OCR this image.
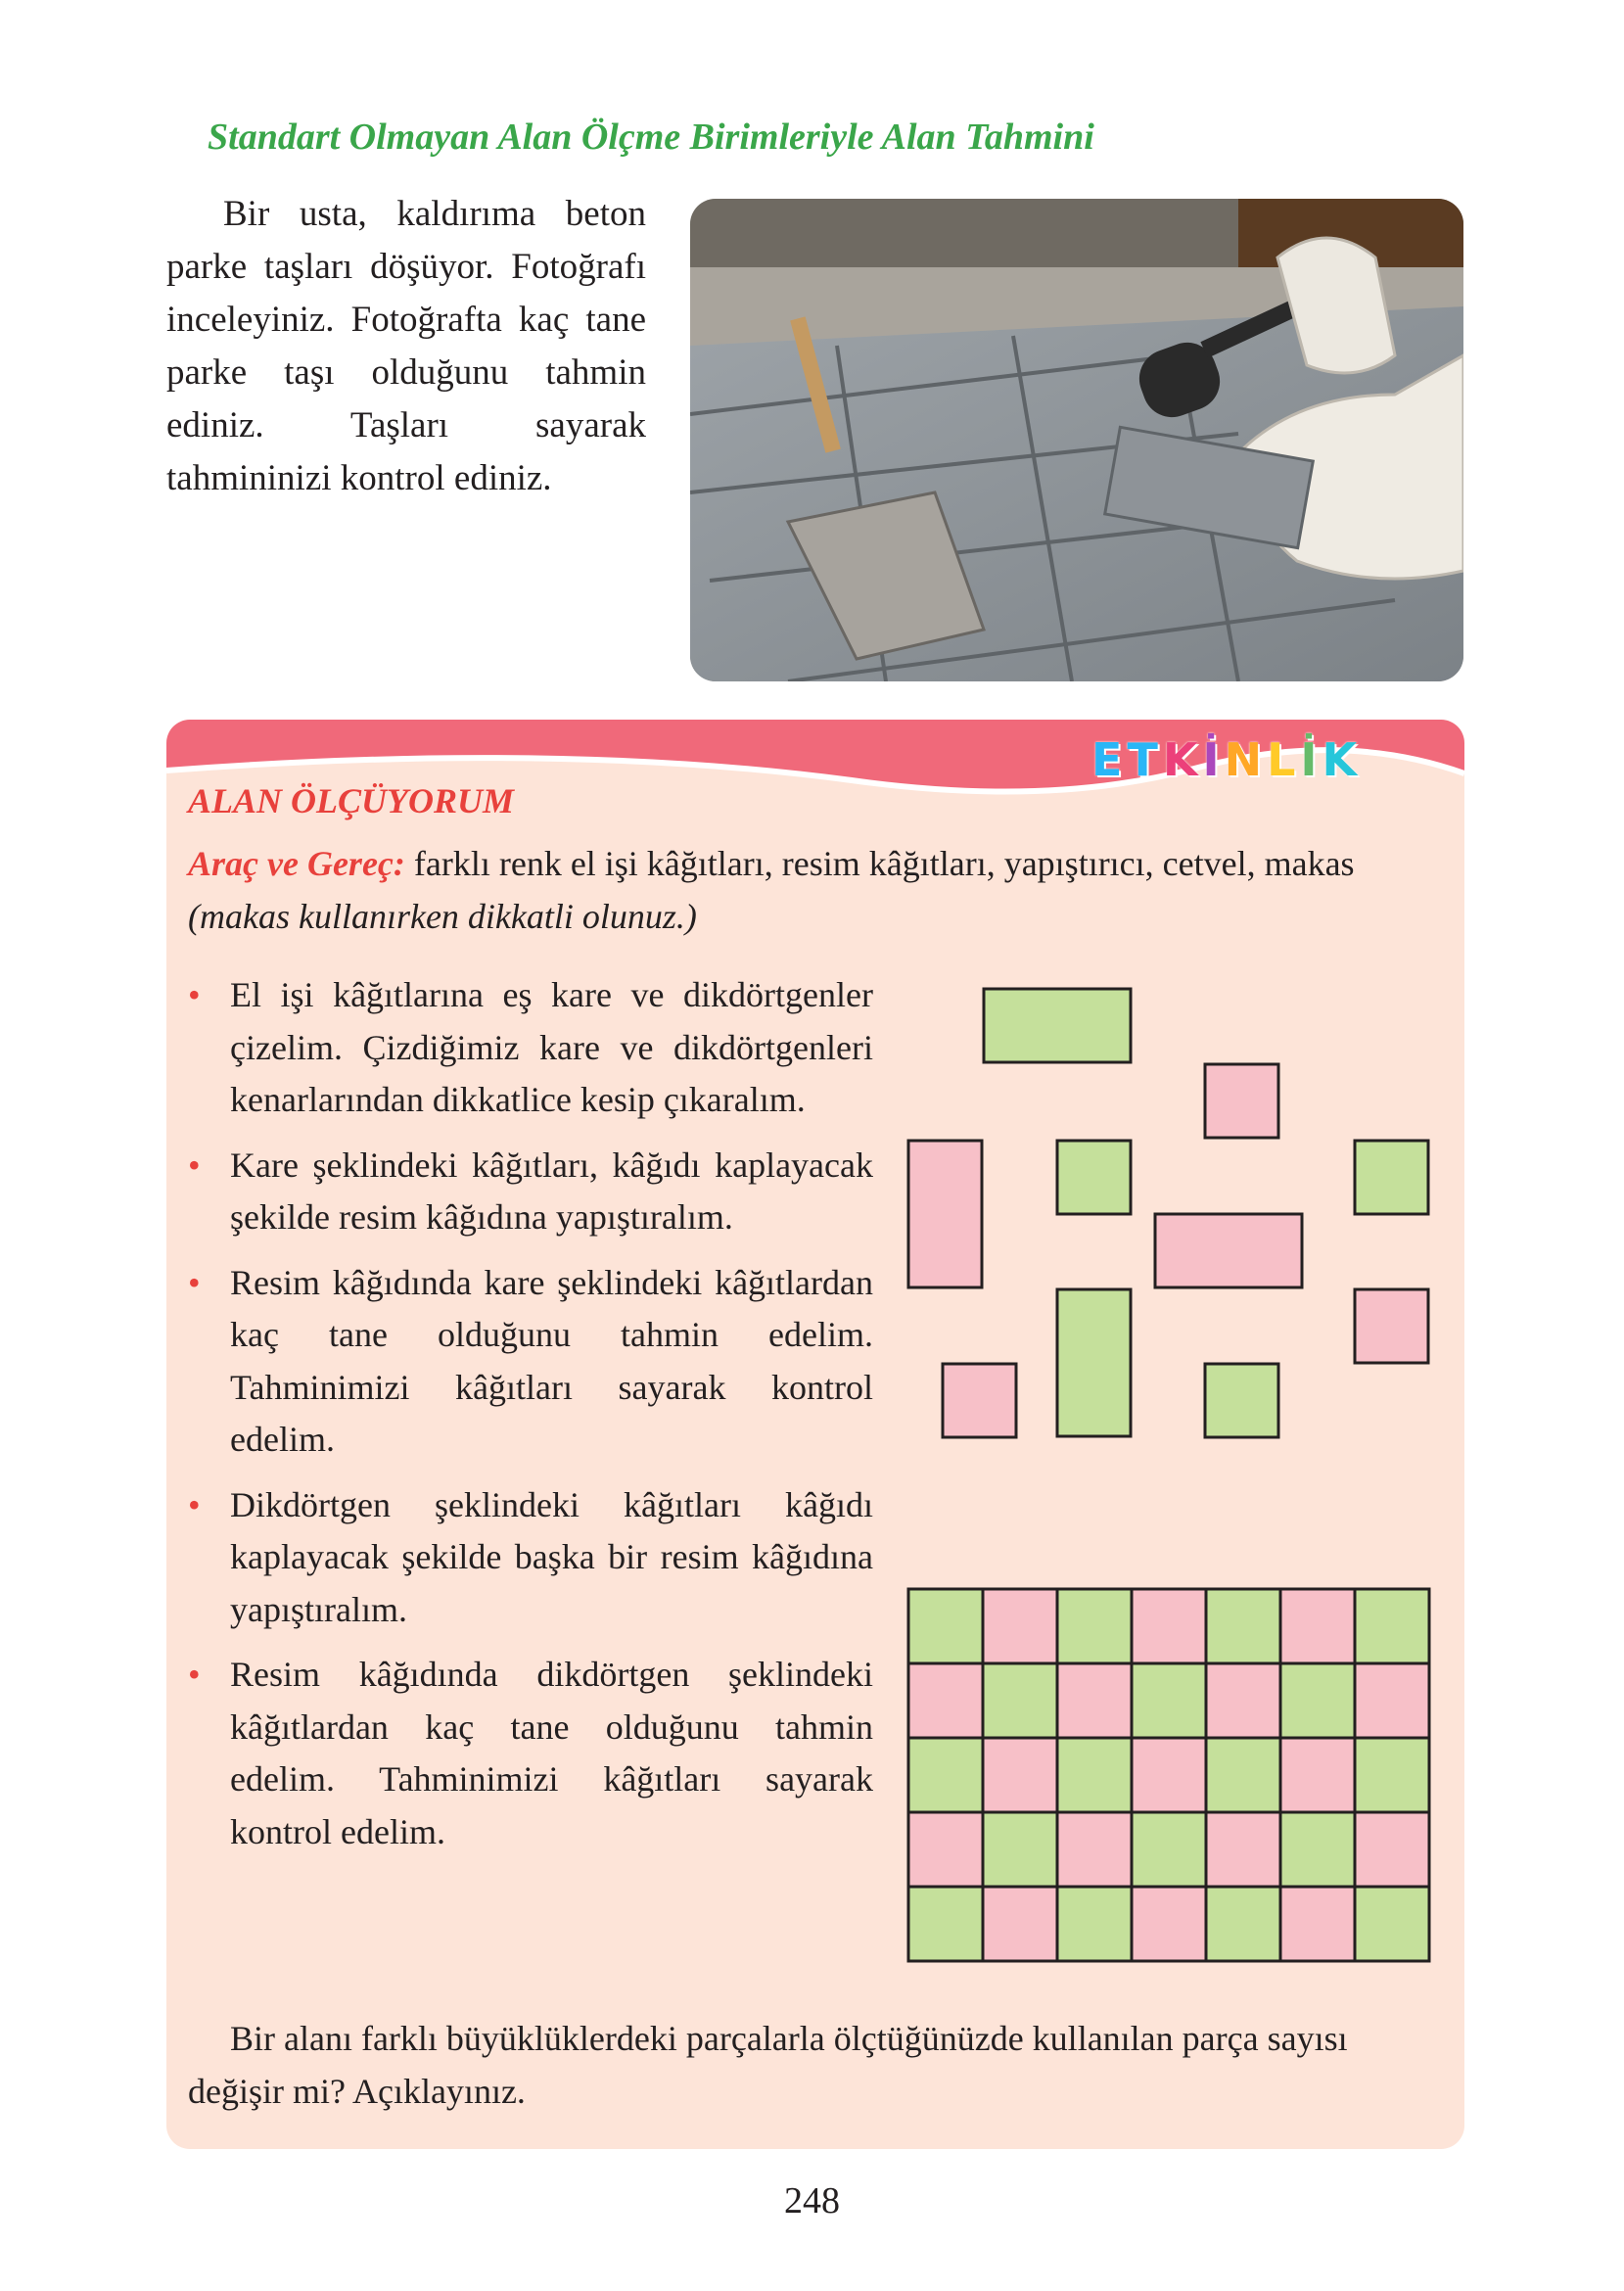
Standart Olmayan Alan Ölçme Birimleriyle Alan Tahmini
Bir usta, kaldırıma beton parke taşları döşüyor. Fotoğrafı inceleyiniz. Fotoğrafta kaç tane parke taşı olduğunu tahmin ediniz. Taşları sayarak tahmininizi kontrol ediniz.
E T K İ N L İ K
ALAN ÖLÇÜYORUM
Araç ve Gereç: farklı renk el işi kâğıtları, resim kâğıtları, yapıştırıcı, cetvel, makas (makas kullanırken dikkatli olunuz.)
• El işi kâğıtlarına eş kare ve dikdörtgenler çizelim. Çizdiğimiz kare ve dikdörtgenleri kenarlarından dikkatlice kesip çıkaralım.
• Kare şeklindeki kâğıtları, kâğıdı kaplayacak şekilde resim kâğıdına yapıştıralım.
• Resim kâğıdında kare şeklindeki kâğıtlardan kaç tane olduğunu tahmin edelim. Tahminimizi kâğıtları sayarak kontrol edelim.
• Dikdörtgen şeklindeki kâğıtları kâğıdı kaplayacak şekilde başka bir resim kâğıdına yapıştıralım.
• Resim kâğıdında dikdörtgen şeklindeki kâğıtlardan kaç tane olduğunu tahmin edelim. Tahminimizi kâğıtları sayarak kontrol edelim.
Bir alanı farklı büyüklüklerdeki parçalarla ölçtüğünüzde kullanılan parça sayısı değişir mi? Açıklayınız.
248
